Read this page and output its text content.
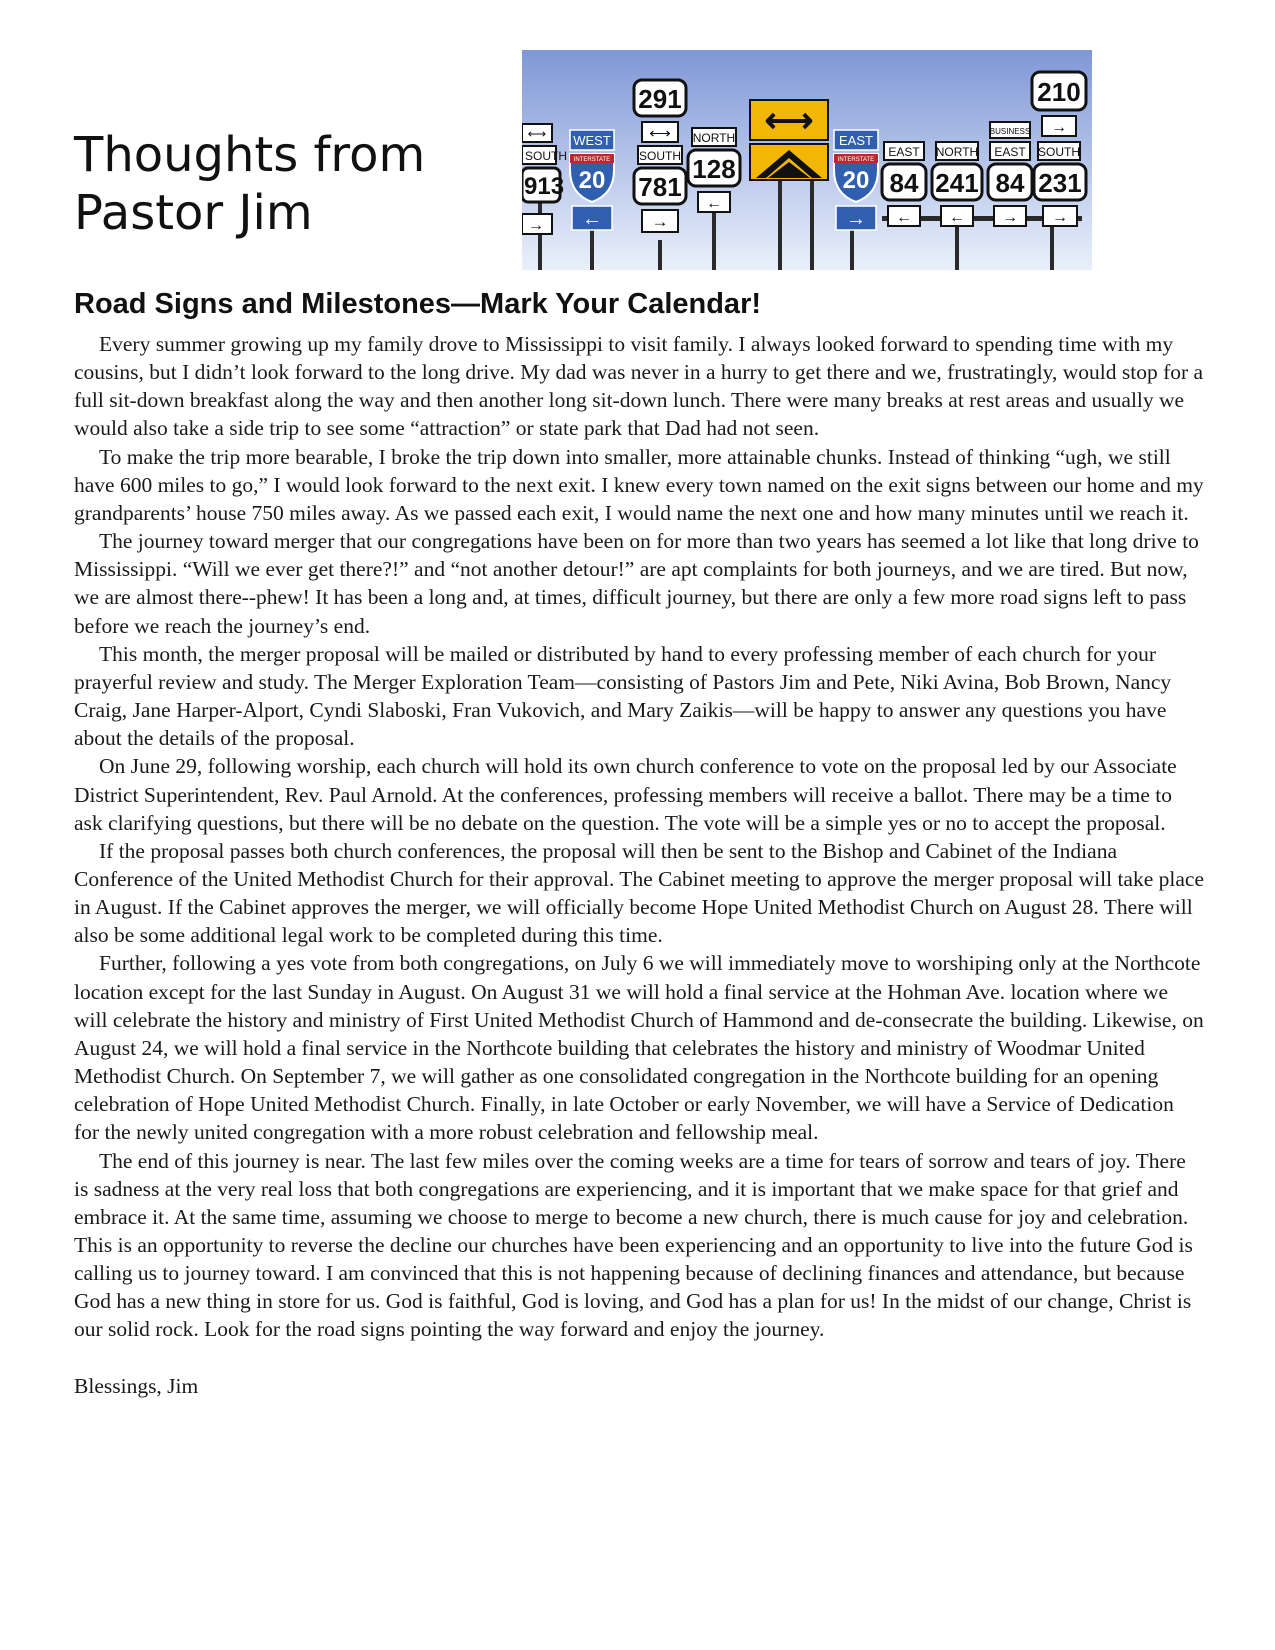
Thoughts from Pastor Jim
⟷
SOUTH
913
→
WEST
INTERSTATE
20
←
291
⟷
SOUTH
781
→
NORTH
128
←
⟷
EAST
INTERSTATE
20
→
EAST
84
←
NORTH
241
←
BUSINESS
EAST
84
→
210
→
SOUTH
231
→
Road Signs and Milestones—Mark Your Calendar!

Every summer growing up my family drove to Mississippi to visit family. I always looked forward to spending time with my cousins, but I didn’t look forward to the long drive. My dad was never in a hurry to get there and we, frustratingly, would stop for a full sit-down breakfast along the way and then another long sit-down lunch. There were many breaks at rest areas and usually we would also take a side trip to see some “attraction” or state park that Dad had not seen.

To make the trip more bearable, I broke the trip down into smaller, more attainable chunks. Instead of thinking “ugh, we still have 600 miles to go,” I would look forward to the next exit. I knew every town named on the exit signs between our home and my grandparents’ house 750 miles away. As we passed each exit, I would name the next one and how many minutes until we reach it.

The journey toward merger that our congregations have been on for more than two years has seemed a lot like that long drive to Mississippi. “Will we ever get there?!” and “not another detour!” are apt complaints for both journeys, and we are tired. But now, we are almost there--phew! It has been a long and, at times, difficult journey, but there are only a few more road signs left to pass before we reach the journey’s end.

This month, the merger proposal will be mailed or distributed by hand to every professing member of each church for your prayerful review and study. The Merger Exploration Team—consisting of Pastors Jim and Pete, Niki Avina, Bob Brown, Nancy Craig, Jane Harper-Alport, Cyndi Slaboski, Fran Vukovich, and Mary Zaikis—will be happy to answer any questions you have about the details of the proposal.

On June 29, following worship, each church will hold its own church conference to vote on the proposal led by our Associate District Superintendent, Rev. Paul Arnold. At the conferences, professing members will receive a ballot. There may be a time to ask clarifying questions, but there will be no debate on the question. The vote will be a simple yes or no to accept the proposal.

If the proposal passes both church conferences, the proposal will then be sent to the Bishop and Cabinet of the Indiana Conference of the United Methodist Church for their approval. The Cabinet meeting to approve the merger proposal will take place in August. If the Cabinet approves the merger, we will officially become Hope United Methodist Church on August 28. There will also be some additional legal work to be completed during this time.

Further, following a yes vote from both congregations, on July 6 we will immediately move to worshiping only at the Northcote location except for the last Sunday in August. On August 31 we will hold a final service at the Hohman Ave. location where we will celebrate the history and ministry of First United Methodist Church of Hammond and de-consecrate the building. Likewise, on August 24, we will hold a final service in the Northcote building that celebrates the history and ministry of Woodmar United Methodist Church. On September 7, we will gather as one consolidated congregation in the Northcote building for an opening celebration of Hope United Methodist Church. Finally, in late October or early November, we will have a Service of Dedication for the newly united congregation with a more robust celebration and fellowship meal.

The end of this journey is near. The last few miles over the coming weeks are a time for tears of sorrow and tears of joy. There is sadness at the very real loss that both congregations are experiencing, and it is important that we make space for that grief and embrace it. At the same time, assuming we choose to merge to become a new church, there is much cause for joy and celebration. This is an opportunity to reverse the decline our churches have been experiencing and an opportunity to live into the future God is calling us to journey toward. I am convinced that this is not happening because of declining finances and attendance, but because God has a new thing in store for us. God is faithful, God is loving, and God has a plan for us! In the midst of our change, Christ is our solid rock. Look for the road signs pointing the way forward and enjoy the journey.

Blessings, Jim
